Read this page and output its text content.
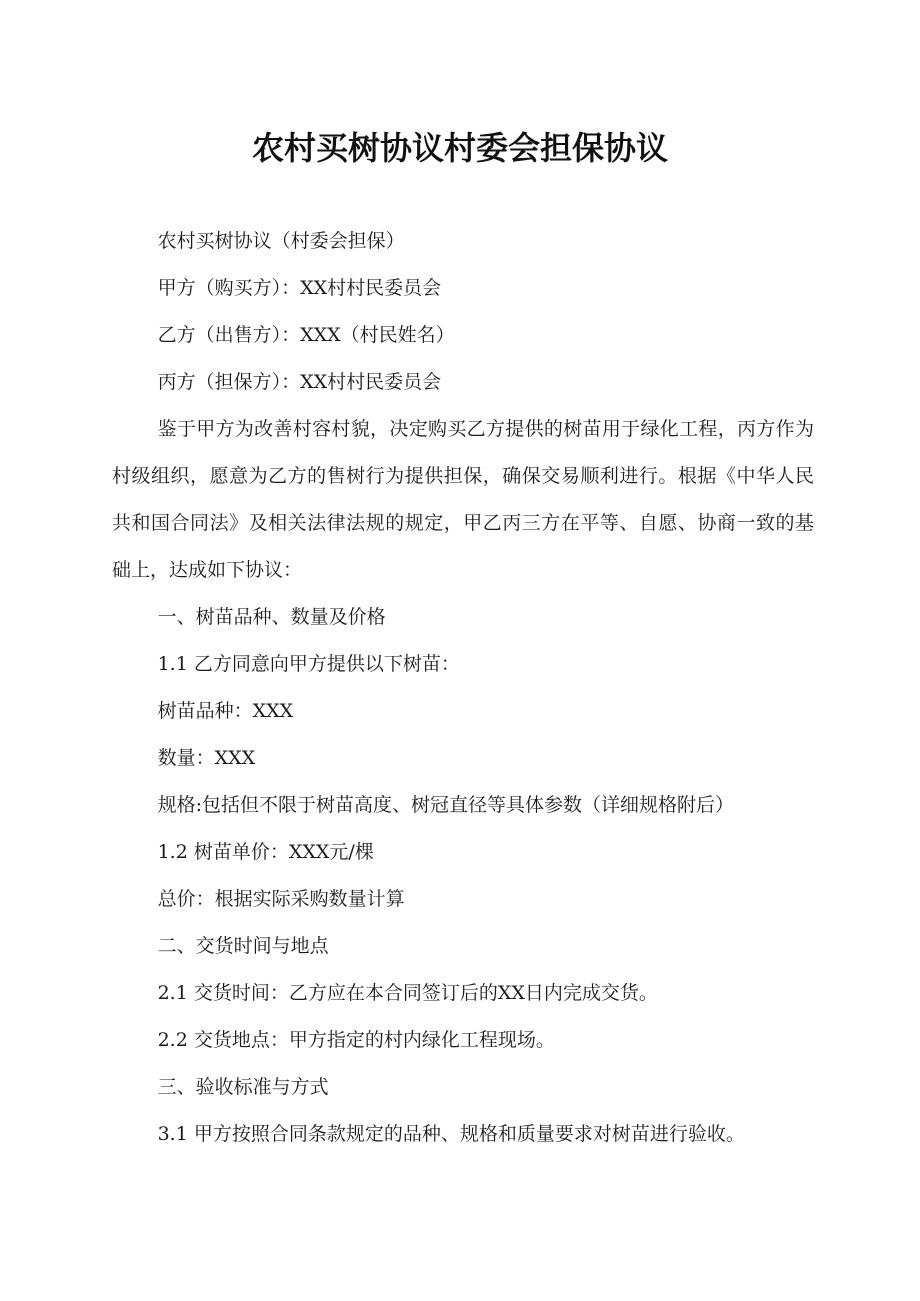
农村买树协议村委会担保协议

农村买树协议（村委会担保）

甲方（购买方）：XX村村民委员会

乙方（出售方）：XXX（村民姓名）

丙方（担保方）：XX村村民委员会

鉴于甲方为改善村容村貌，决定购买乙方提供的树苗用于绿化工程，丙方作为村级组织，愿意为乙方的售树行为提供担保，确保交易顺利进行。根据《中华人民共和国合同法》及相关法律法规的规定，甲乙丙三方在平等、自愿、协商一致的基础上，达成如下协议：

一、树苗品种、数量及价格

1.1 乙方同意向甲方提供以下树苗：

树苗品种：XXX

数量：XXX

规格:包括但不限于树苗高度、树冠直径等具体参数（详细规格附后）

1.2 树苗单价：XXX元/棵

总价：根据实际采购数量计算

二、交货时间与地点

2.1 交货时间：乙方应在本合同签订后的XX日内完成交货。

2.2 交货地点：甲方指定的村内绿化工程现场。

三、验收标准与方式

3.1 甲方按照合同条款规定的品种、规格和质量要求对树苗进行验收。
